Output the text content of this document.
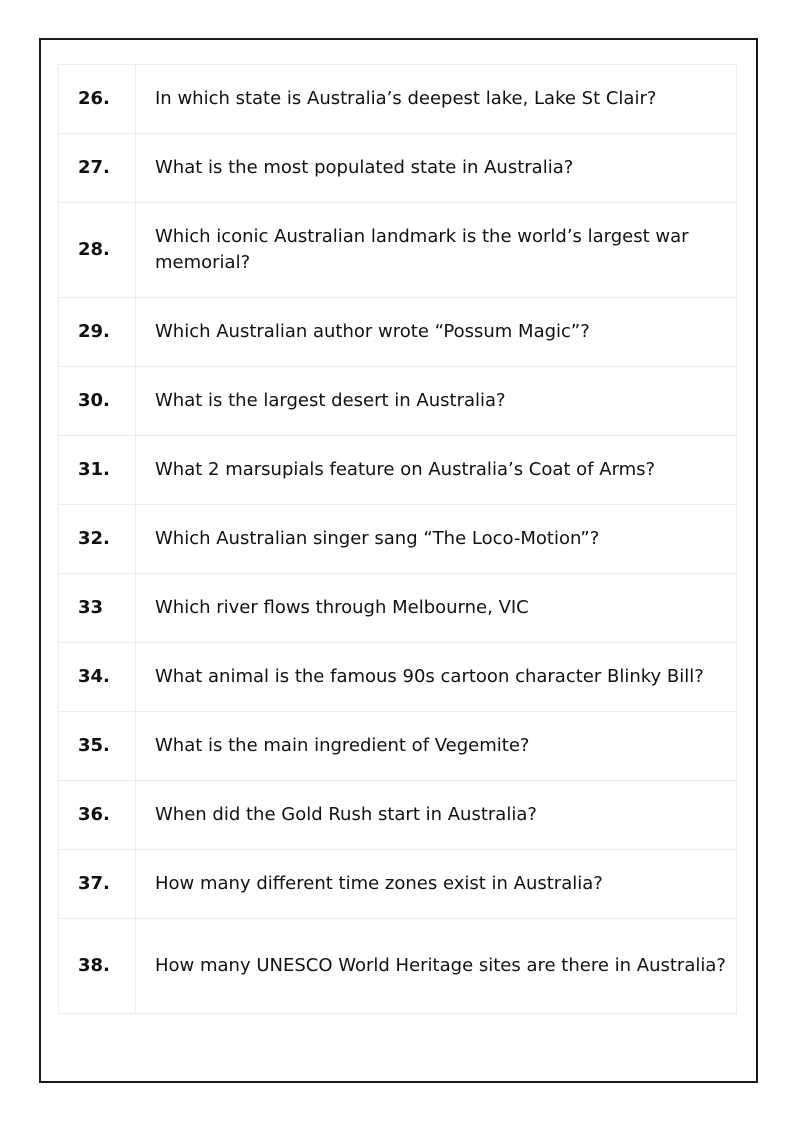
26.	In which state is Australia’s deepest lake, Lake St Clair?
27.	What is the most populated state in Australia?
28.	Which iconic Australian landmark is the world’s largest war memorial?
29.	Which Australian author wrote “Possum Magic”?
30.	What is the largest desert in Australia?
31.	What 2 marsupials feature on Australia’s Coat of Arms?
32.	Which Australian singer sang “The Loco-Motion”?
33	Which river flows through Melbourne, VIC
34.	What animal is the famous 90s cartoon character Blinky Bill?
35.	What is the main ingredient of Vegemite?
36.	When did the Gold Rush start in Australia?
37.	How many different time zones exist in Australia?
38.	How many UNESCO World Heritage sites are there in Australia?
